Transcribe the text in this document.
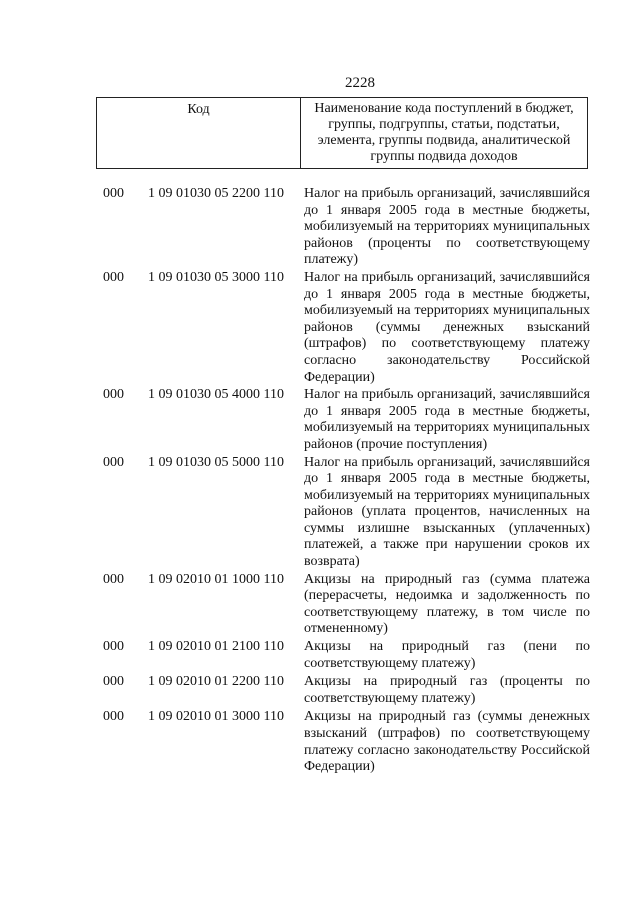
2228
Код	Наименование кода поступлений в бюджет, группы, подгруппы, статьи, подстатьи, элемента, группы подвида, аналитической группы подвида доходов
000	1 09 01030 05 2200 110	Налог на прибыль организаций, зачислявшийся до 1 января 2005 года в местные бюджеты, мобилизуемый на территориях муниципальных районов (проценты по соответствующему платежу)
000	1 09 01030 05 3000 110	Налог на прибыль организаций, зачислявшийся до 1 января 2005 года в местные бюджеты, мобилизуемый на территориях муниципальных районов (суммы денежных взысканий (штрафов) по соответствующему платежу согласно законодательству Российской Федерации)
000	1 09 01030 05 4000 110	Налог на прибыль организаций, зачислявшийся до 1 января 2005 года в местные бюджеты, мобилизуемый на территориях муниципальных районов (прочие поступления)
000	1 09 01030 05 5000 110	Налог на прибыль организаций, зачислявшийся до 1 января 2005 года в местные бюджеты, мобилизуемый на территориях муниципальных районов (уплата процентов, начисленных на суммы излишне взысканных (уплаченных) платежей, а также при нарушении сроков их возврата)
000	1 09 02010 01 1000 110	Акцизы на природный газ (сумма платежа (перерасчеты, недоимка и задолженность по соответствующему платежу, в том числе по отмененному)
000	1 09 02010 01 2100 110	Акцизы на природный газ (пени по соответствующему платежу)
000	1 09 02010 01 2200 110	Акцизы на природный газ (проценты по соответствующему платежу)
000	1 09 02010 01 3000 110	Акцизы на природный газ (суммы денежных взысканий (штрафов) по соответствующему платежу согласно законодательству Российской Федерации)
